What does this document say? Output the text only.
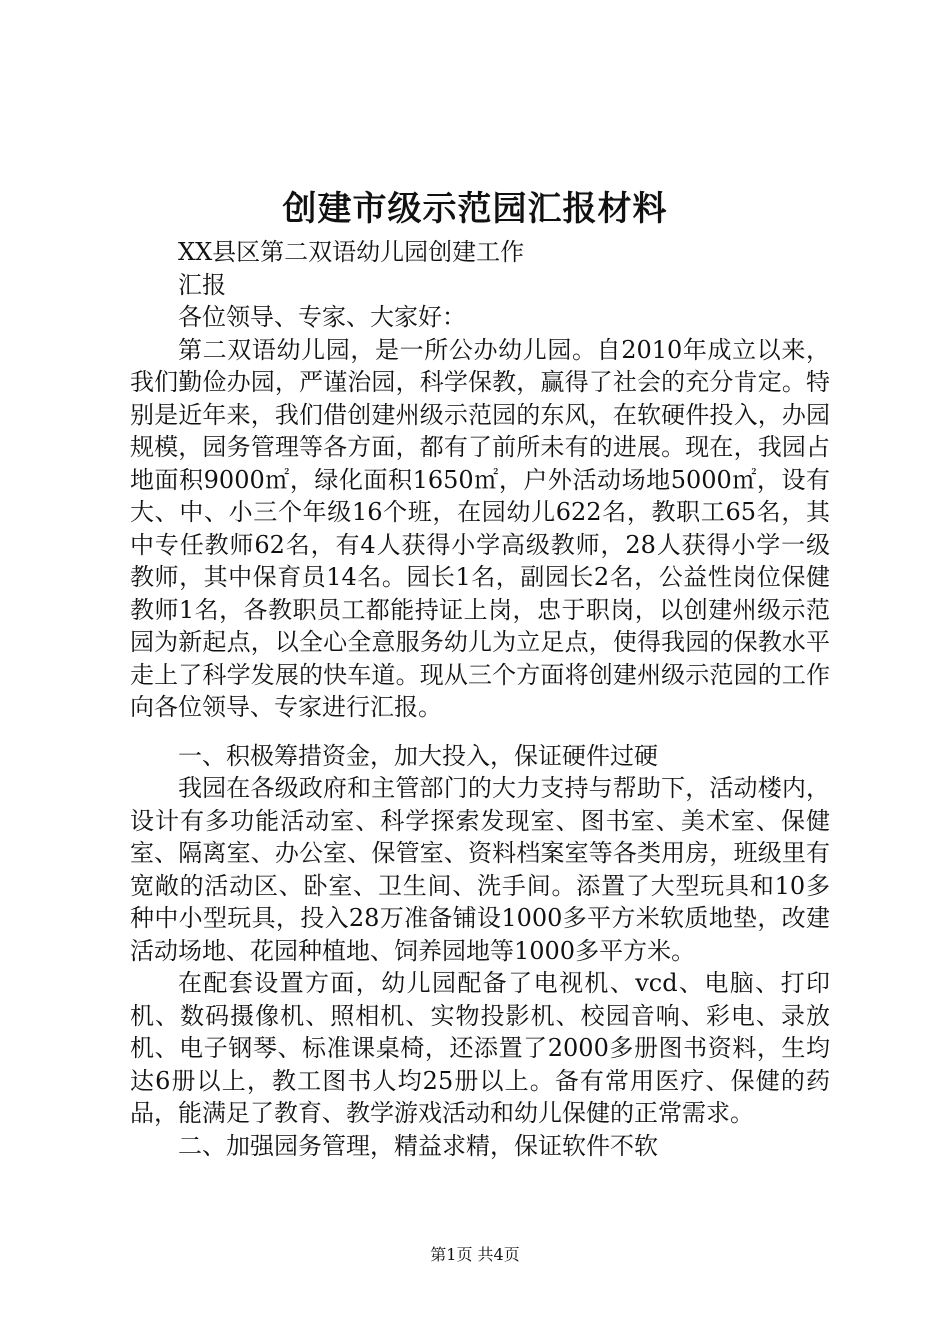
创建市级示范园汇报材料

XX县区第二双语幼儿园创建工作

汇报

各位领导、专家、大家好：

第二双语幼儿园，是一所公办幼儿园。自2010年成立以来，我们勤俭办园，严谨治园，科学保教，赢得了社会的充分肯定。特别是近年来，我们借创建州级示范园的东风，在软硬件投入，办园规模，园务管理等各方面，都有了前所未有的进展。现在，我园占地面积9000㎡，绿化面积1650㎡，户外活动场地5000㎡，设有大、中、小三个年级16个班，在园幼儿622名，教职工65名，其中专任教师62名，有4人获得小学高级教师，28人获得小学一级教师，其中保育员14名。园长1名，副园长2名，公益性岗位保健教师1名，各教职员工都能持证上岗，忠于职岗，以创建州级示范园为新起点，以全心全意服务幼儿为立足点，使得我园的保教水平走上了科学发展的快车道。现从三个方面将创建州级示范园的工作向各位领导、专家进行汇报。

一、积极筹措资金，加大投入，保证硬件过硬

我园在各级政府和主管部门的大力支持与帮助下，活动楼内，设计有多功能活动室、科学探索发现室、图书室、美术室、保健室、隔离室、办公室、保管室、资料档案室等各类用房，班级里有宽敞的活动区、卧室、卫生间、洗手间。添置了大型玩具和10多种中小型玩具，投入28万准备铺设1000多平方米软质地垫，改建活动场地、花园种植地、饲养园地等1000多平方米。

在配套设置方面，幼儿园配备了电视机、vcd、电脑、打印机、数码摄像机、照相机、实物投影机、校园音响、彩电、录放机、电子钢琴、标准课桌椅，还添置了2000多册图书资料，生均达6册以上，教工图书人均25册以上。备有常用医疗、保健的药品，能满足了教育、教学游戏活动和幼儿保健的正常需求。

二、加强园务管理，精益求精，保证软件不软

第1页 共4页
